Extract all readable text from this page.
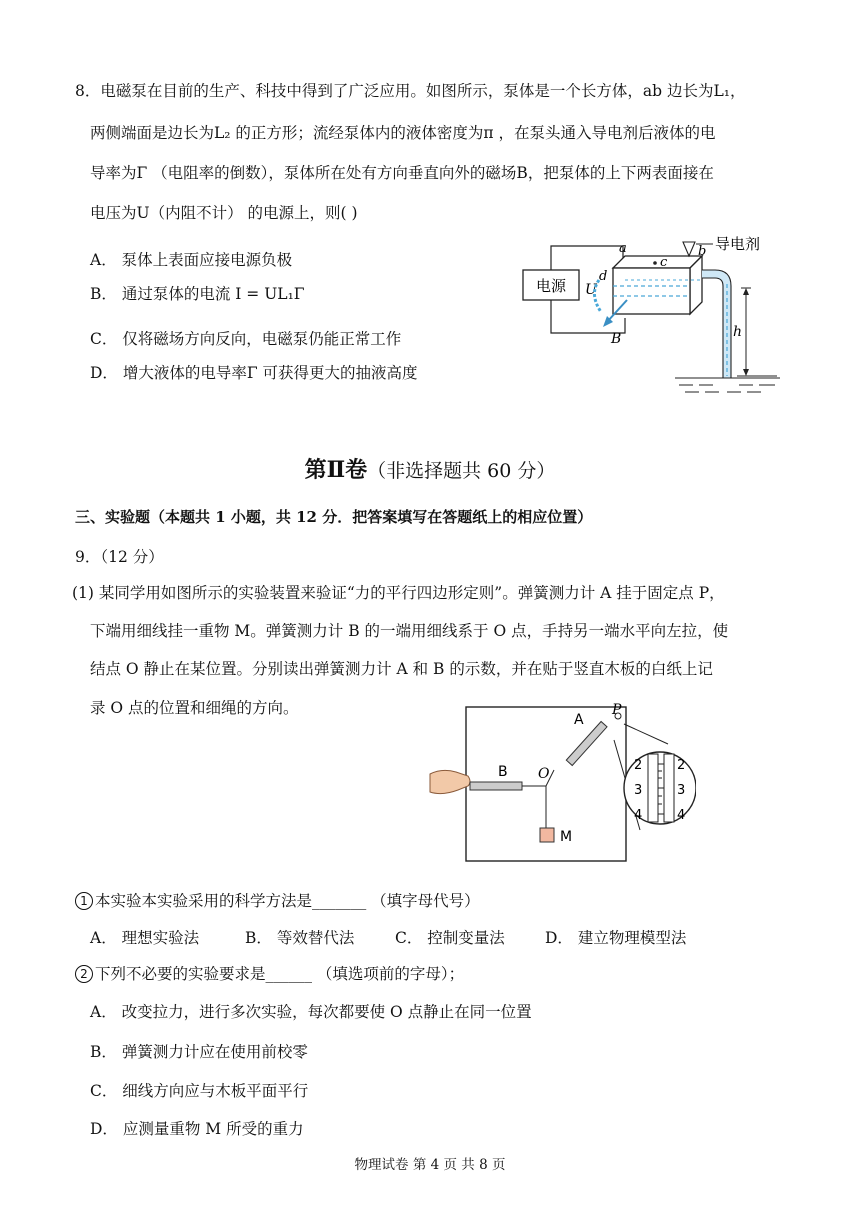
8．电磁泵在目前的生产、科技中得到了广泛应用。如图所示，泵体是一个长方体，ab 边长为L₁，
两侧端面是边长为L₂ 的正方形；流经泵体内的液体密度为π ，在泵头通入导电剂后液体的电
导率为Γ （电阻率的倒数），泵体所在处有方向垂直向外的磁场B，把泵体的上下两表面接在
电压为U（内阻不计） 的电源上，则( )
A． 泵体上表面应接电源负极
B． 通过泵体的电流 I = UL₁Γ
C． 仅将磁场方向反向，电磁泵仍能正常工作
D． 增大液体的电导率Γ 可获得更大的抽液高度
电源
导电剂
a	b
c
d
U
B	h
第Ⅱ卷（非选择题共 60 分）
三、实验题（本题共 1 小题，共 12 分．把答案填写在答题纸上的相应位置）
9．（12 分）
(1) 某同学用如图所示的实验装置来验证“力的平行四边形定则”。弹簧测力计 A 挂于固定点 P，
下端用细线挂一重物 M。弹簧测力计 B 的一端用细线系于 O 点，手持另一端水平向左拉，使
结点 O 静止在某位置。分别读出弹簧测力计 A 和 B 的示数，并在贴于竖直木板的白纸上记
录 O 点的位置和细绳的方向。
B O
M
A
P
2
3
4
2
3
4
1 本实验本实验采用的科学方法是_______ （填字母代号）
A． 理想实验法	B． 等效替代法	C． 控制变量法	D． 建立物理模型法
2 下列不必要的实验要求是______ （填选项前的字母）；
A． 改变拉力，进行多次实验，每次都要使 O 点静止在同一位置
B． 弹簧测力计应在使用前校零
C． 细线方向应与木板平面平行
D． 应测量重物 M 所受的重力
物理试卷 第 4 页 共 8 页
